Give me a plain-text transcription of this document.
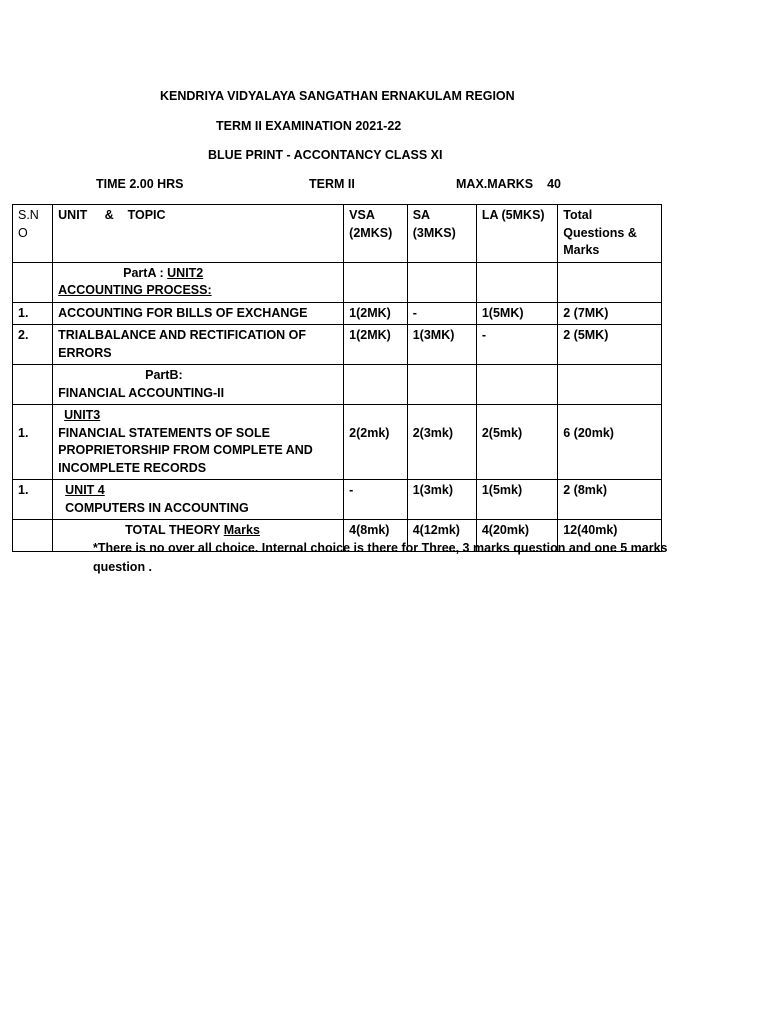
KENDRIYA VIDYALAYA SANGATHAN ERNAKULAM REGION
TERM II EXAMINATION 2021-22
BLUE PRINT - ACCONTANCY CLASS XI
TIME 2.00 HRS	TERM II	MAX.MARKS 40
S.N O	UNIT     &    TOPIC	VSA (2MKS)	SA (3MKS)	LA (5MKS)	Total Questions & Marks
	PartA : UNIT2
ACCOUNTING PROCESS:				

1.	ACCOUNTING FOR BILLS OF EXCHANGE	1(2MK)	-	1(5MK)	2 (7MK)
2.	TRIALBALANCE AND RECTIFICATION OF ERRORS	1(2MK)	1(3MK)	-	2 (5MK)
	PartB:
FINANCIAL ACCOUNTING-II				

1.	UNIT3
FINANCIAL STATEMENTS OF SOLE PROPRIETORSHIP FROM COMPLETE AND
INCOMPLETE RECORDS	2(2mk)	2(3mk)	2(5mk)	6 (20mk)
1.	UNIT 4
COMPUTERS IN ACCOUNTING	-	1(3mk)	1(5mk)	2 (8mk)
	TOTAL THEORY Marks	4(8mk)	4(12mk)	4(20mk)	12(40mk)
*There is no over all choice. Internal choice is there for Three, 3 marks question and one 5 marks question .
